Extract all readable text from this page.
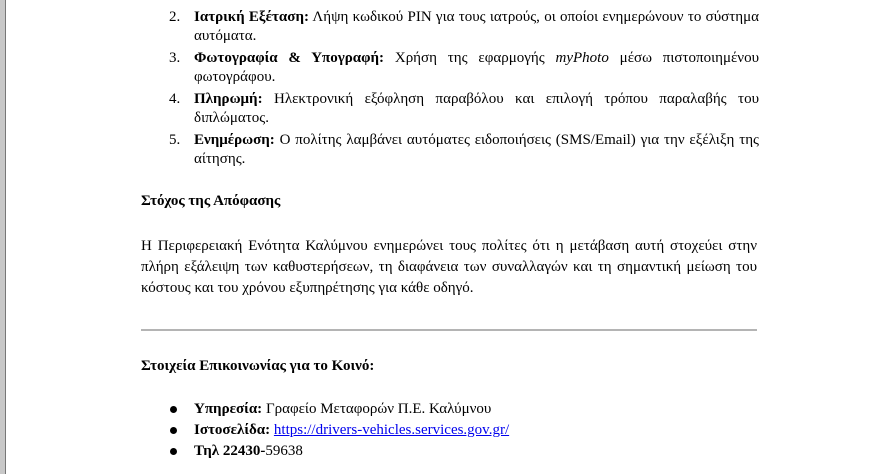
2. Ιατρική Εξέταση: Λήψη κωδικού PIN για τους ιατρούς, οι οποίοι ενημερώνουν το σύστημα αυτόματα.
3. Φωτογραφία & Υπογραφή: Χρήση της εφαρμογής myPhoto μέσω πιστοποιημένου φωτογράφου.
4. Πληρωμή: Ηλεκτρονική εξόφληση παραβόλου και επιλογή τρόπου παραλαβής του διπλώματος.
5. Ενημέρωση: Ο πολίτης λαμβάνει αυτόματες ειδοποιήσεις (SMS/Email) για την εξέλιξη της αίτησης.
Στόχος της Απόφασης

Η Περιφερειακή Ενότητα Καλύμνου ενημερώνει τους πολίτες ότι η μετάβαση αυτή στοχεύει στην πλήρη εξάλειψη των καθυστερήσεων, τη διαφάνεια των συναλλαγών και τη σημαντική μείωση του κόστους και του χρόνου εξυπηρέτησης για κάθε οδηγό.

Στοιχεία Επικοινωνίας για το Κοινό:
Υπηρεσία: Γραφείο Μεταφορών Π.Ε. Καλύμνου
Ιστοσελίδα: https://drivers-vehicles.services.gov.gr/
Τηλ 22430-59638
